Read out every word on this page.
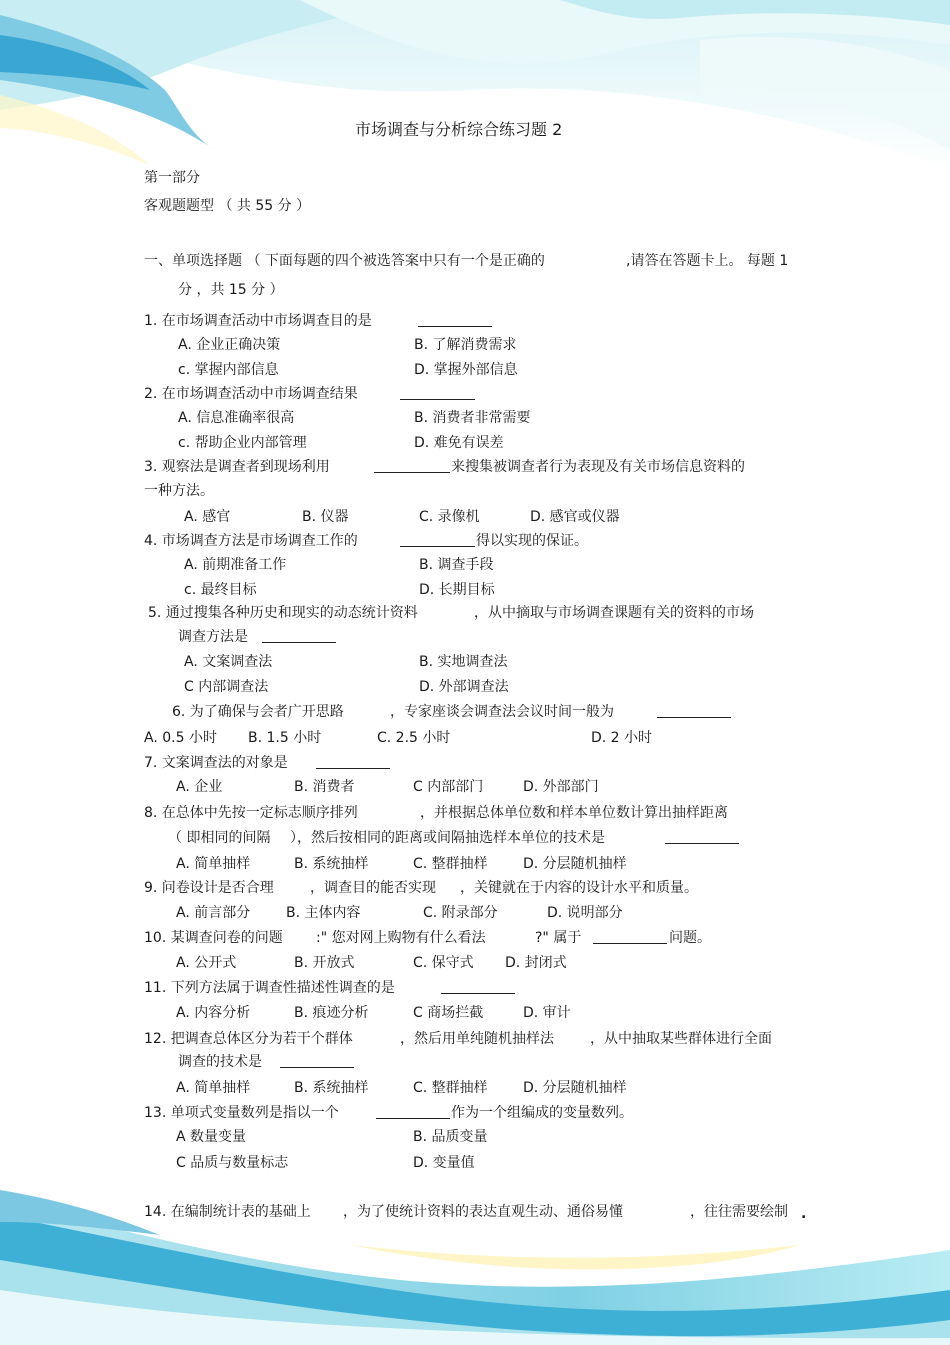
市场调查与分析综合练习题 2
第一部分
客观题题型 （ 共 55 分 ）
一、单项选择题 （ 下面每题的四个被选答案中只有一个是正确的	,请答在答题卡上。 每题 1
分 ，共 15 分 ）
1. 在市场调查活动中市场调查目的是
A. 企业正确决策	B. 了解消费需求
c. 掌握内部信息	D. 掌握外部信息
2. 在市场调查活动中市场调查结果
A. 信息准确率很高	B. 消费者非常需要
c. 帮助企业内部管理	D. 难免有误差
3. 观察法是调查者到现场利用	来搜集被调查者行为表现及有关市场信息资料的
一种方法。
A. 感官	B. 仪器	C. 录像机	D. 感官或仪器
4. 市场调查方法是市场调查工作的	得以实现的保证。
A. 前期准备工作	B. 调查手段
c. 最终目标	D. 长期目标
5. 通过搜集各种历史和现实的动态统计资料	，从中摘取与市场调查课题有关的资料的市场
调查方法是
A. 文案调查法	B. 实地调查法
C 内部调查法	D. 外部调查法
6. 为了确保与会者广开思路	，专家座谈会调查法会议时间一般为
A. 0.5 小时 B. 1.5 小时	C. 2.5 小时	D. 2 小时
7. 文案调查法的对象是
A. 企业	B. 消费者	C 内部部门	D. 外部部门
8. 在总体中先按一定标志顺序排列	，并根据总体单位数和样本单位数计算出抽样距离
（ 即相同的间隔 ），然后按相同的距离或间隔抽选样本单位的技术是
A. 简单抽样	B. 系统抽样	C. 整群抽样	D. 分层随机抽样
9. 问卷设计是否合理	，调查目的能否实现 ，关键就在于内容的设计水平和质量。
A. 前言部分	B. 主体内容	C. 附录部分	D. 说明部分
10. 某调查问卷的问题 :" 您对网上购物有什么看法	?" 属于	问题。
A. 公开式	B. 开放式	C. 保守式 D. 封闭式
11. 下列方法属于调查性描述性调查的是
A. 内容分析	B. 痕迹分析	C 商场拦截	D. 审计
12. 把调查总体区分为若干个群体	，然后用单纯随机抽样法	，从中抽取某些群体进行全面
调查的技术是
A. 简单抽样	B. 系统抽样	C. 整群抽样	D. 分层随机抽样
13. 单项式变量数列是指以一个	作为一个组编成的变量数列。
A 数量变量	B. 品质变量
C 品质与数量标志	D. 变量值
14. 在编制统计表的基础上 ，为了使统计资料的表达直观生动、通俗易懂	，往往需要绘制 .
